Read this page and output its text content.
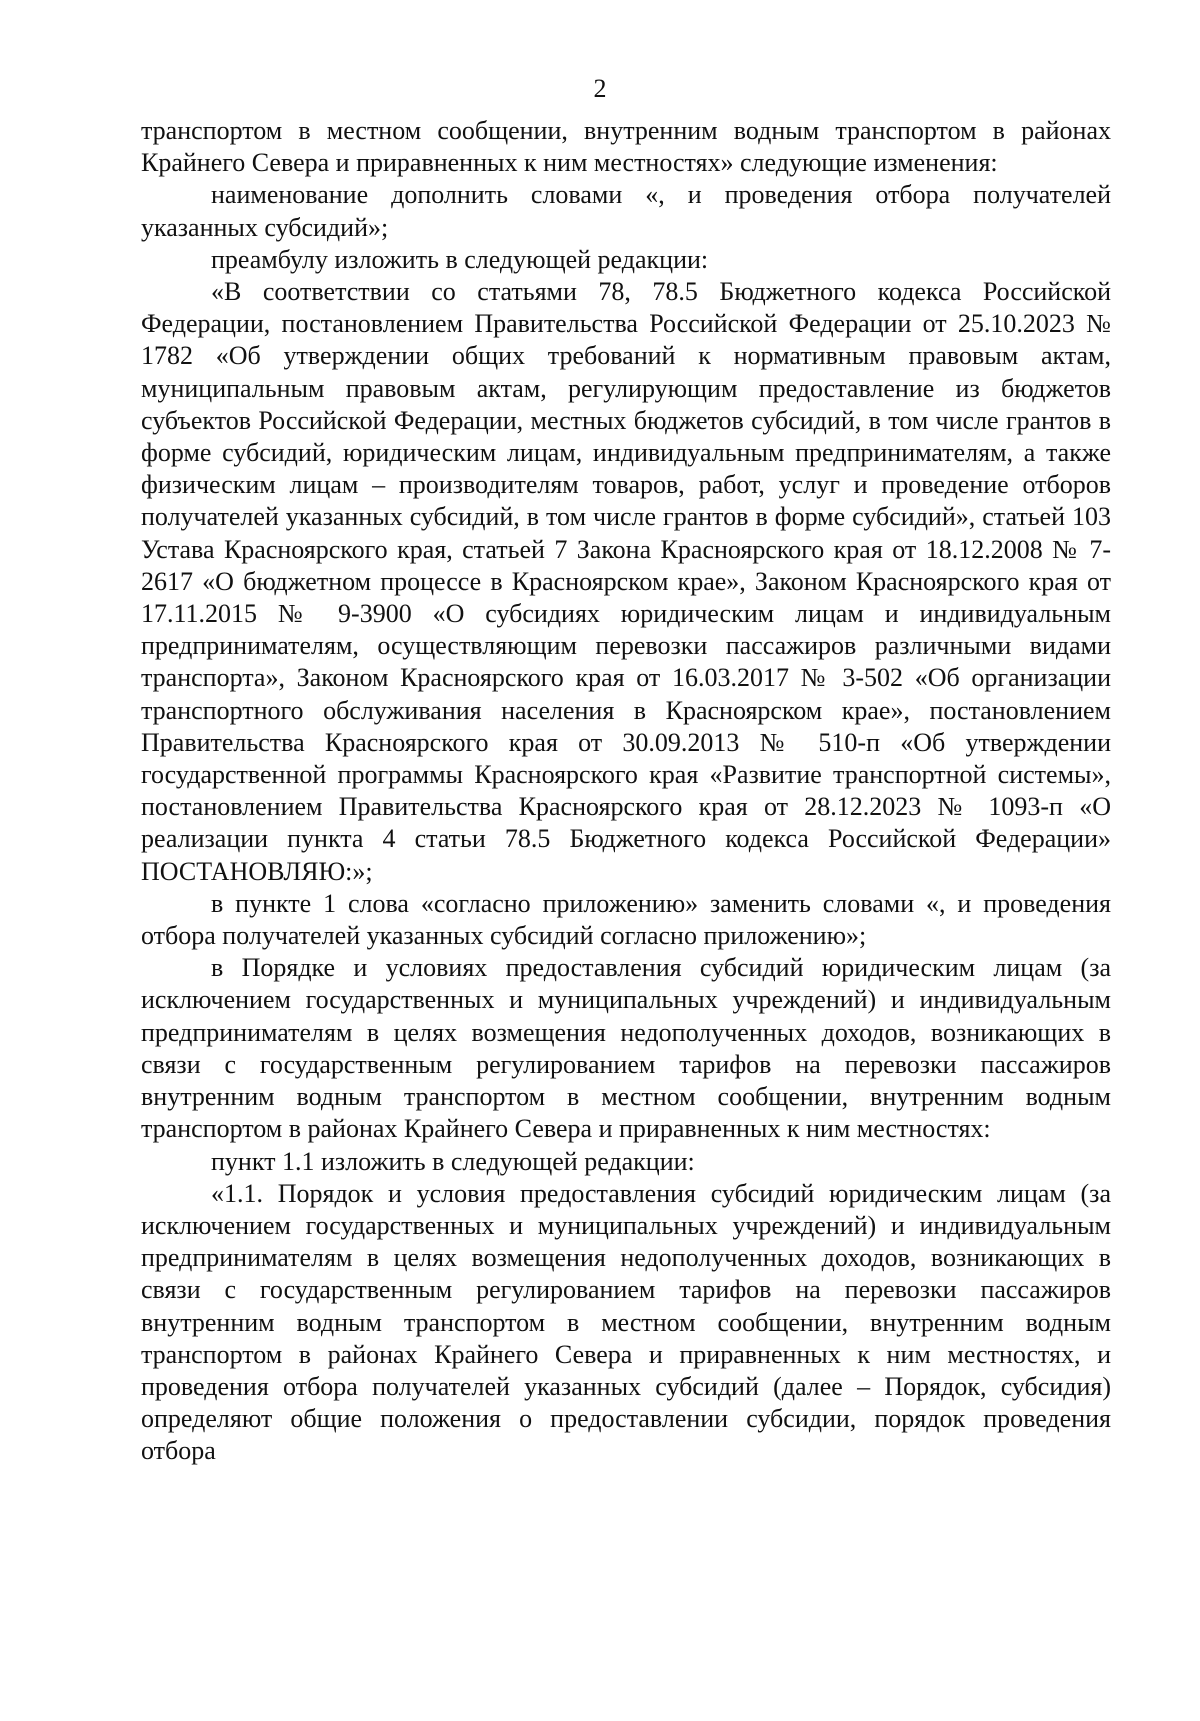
2

транспортом в местном сообщении, внутренним водным транспортом в районах Крайнего Севера и приравненных к ним местностях» следующие изменения:

наименование дополнить словами «, и проведения отбора получателей указанных субсидий»;

преамбулу изложить в следующей редакции:

«В соответствии со статьями 78, 78.5 Бюджетного кодекса Российской Федерации, постановлением Правительства Российской Федерации от 25.10.2023 № 1782 «Об утверждении общих требований к нормативным правовым актам, муниципальным правовым актам, регулирующим предоставление из бюджетов субъектов Российской Федерации, местных бюджетов субсидий, в том числе грантов в форме субсидий, юридическим лицам, индивидуальным предпринимателям, а также физическим лицам – производителям товаров, работ, услуг и проведение отборов получателей указанных субсидий, в том числе грантов в форме субсидий», статьей 103 Устава Красноярского края, статьей 7 Закона Красноярского края от 18.12.2008 № 7-2617 «О бюджетном процессе в Красноярском крае», Законом Красноярского края от 17.11.2015 № 9-3900 «О субсидиях юридическим лицам и индивидуальным предпринимателям, осуществляющим перевозки пассажиров различными видами транспорта», Законом Красноярского края от 16.03.2017 № 3-502 «Об организации транспортного обслуживания населения в Красноярском крае», постановлением Правительства Красноярского края от 30.09.2013 № 510-п «Об утверждении государственной программы Красноярского края «Развитие транспортной системы», постановлением Правительства Красноярского края от 28.12.2023 № 1093-п «О реализации пункта 4 статьи 78.5 Бюджетного кодекса Российской Федерации» ПОСТАНОВЛЯЮ:»;

в пункте 1 слова «согласно приложению» заменить словами «, и проведения отбора получателей указанных субсидий согласно приложению»;

в Порядке и условиях предоставления субсидий юридическим лицам (за исключением государственных и муниципальных учреждений) и индивидуальным предпринимателям в целях возмещения недополученных доходов, возникающих в связи с государственным регулированием тарифов на перевозки пассажиров внутренним водным транспортом в местном сообщении, внутренним водным транспортом в районах Крайнего Севера и приравненных к ним местностях:

пункт 1.1 изложить в следующей редакции:

«1.1. Порядок и условия предоставления субсидий юридическим лицам (за исключением государственных и муниципальных учреждений) и индивидуальным предпринимателям в целях возмещения недополученных доходов, возникающих в связи с государственным регулированием тарифов на перевозки пассажиров внутренним водным транспортом в местном сообщении, внутренним водным транспортом в районах Крайнего Севера и приравненных к ним местностях, и проведения отбора получателей указанных субсидий (далее – Порядок, субсидия) определяют общие положения о предоставлении субсидии, порядок проведения отбора
